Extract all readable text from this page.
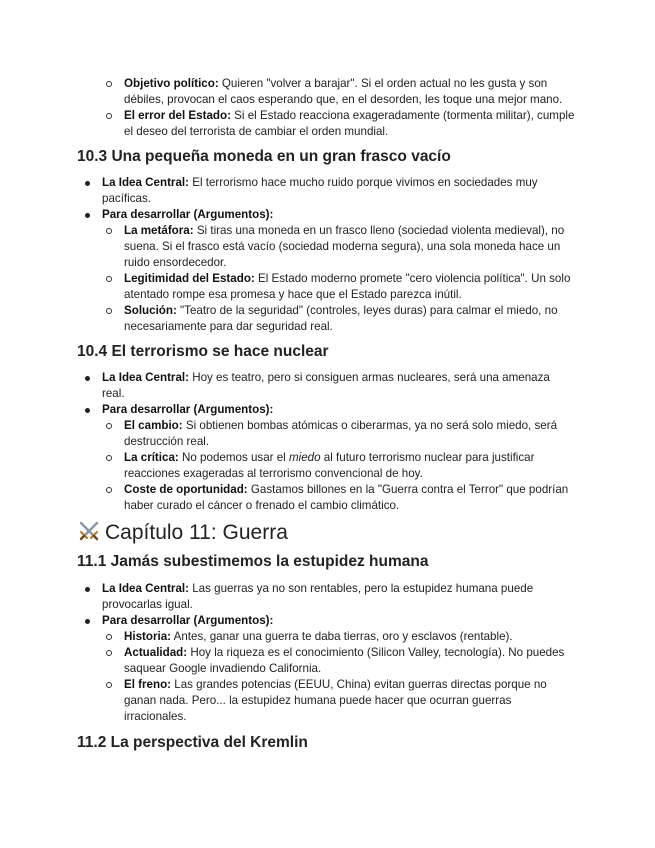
Objetivo político: Quieren "volver a barajar". Si el orden actual no les gusta y son débiles, provocan el caos esperando que, en el desorden, les toque una mejor mano.
El error del Estado: Si el Estado reacciona exageradamente (tormenta militar), cumple el deseo del terrorista de cambiar el orden mundial.
10.3 Una pequeña moneda en un gran frasco vacío
La Idea Central: El terrorismo hace mucho ruido porque vivimos en sociedades muy pacíficas.
Para desarrollar (Argumentos):
La metáfora: Si tiras una moneda en un frasco lleno (sociedad violenta medieval), no suena. Si el frasco está vacío (sociedad moderna segura), una sola moneda hace un ruido ensordecedor.
Legitimidad del Estado: El Estado moderno promete "cero violencia política". Un solo atentado rompe esa promesa y hace que el Estado parezca inútil.
Solución: "Teatro de la seguridad" (controles, leyes duras) para calmar el miedo, no necesariamente para dar seguridad real.
10.4 El terrorismo se hace nuclear
La Idea Central: Hoy es teatro, pero si consiguen armas nucleares, será una amenaza real.
Para desarrollar (Argumentos):
El cambio: Si obtienen bombas atómicas o ciberarmas, ya no será solo miedo, será destrucción real.
La crítica: No podemos usar el miedo al futuro terrorismo nuclear para justificar reacciones exageradas al terrorismo convencional de hoy.
Coste de oportunidad: Gastamos billones en la "Guerra contra el Terror" que podrían haber curado el cáncer o frenado el cambio climático.
Capítulo 11: Guerra
11.1 Jamás subestimemos la estupidez humana
La Idea Central: Las guerras ya no son rentables, pero la estupidez humana puede provocarlas igual.
Para desarrollar (Argumentos):
Historia: Antes, ganar una guerra te daba tierras, oro y esclavos (rentable).
Actualidad: Hoy la riqueza es el conocimiento (Silicon Valley, tecnología). No puedes saquear Google invadiendo California.
El freno: Las grandes potencias (EEUU, China) evitan guerras directas porque no ganan nada. Pero... la estupidez humana puede hacer que ocurran guerras irracionales.
11.2 La perspectiva del Kremlin
